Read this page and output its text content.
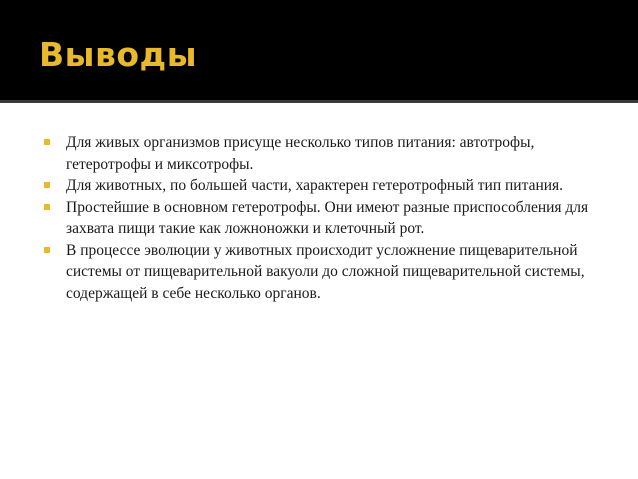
Выводы
Для живых организмов присуще несколько типов питания: автотрофы, гетеротрофы и миксотрофы.
Для животных, по большей части, характерен гетеротрофный тип питания.
Простейшие в основном гетеротрофы. Они имеют разные приспособления для захвата пищи такие как ложноножки и клеточный рот.
В процессе эволюции у животных происходит усложнение пищеварительной системы от пищеварительной вакуоли до сложной пищеварительной системы, содержащей в себе несколько органов.
